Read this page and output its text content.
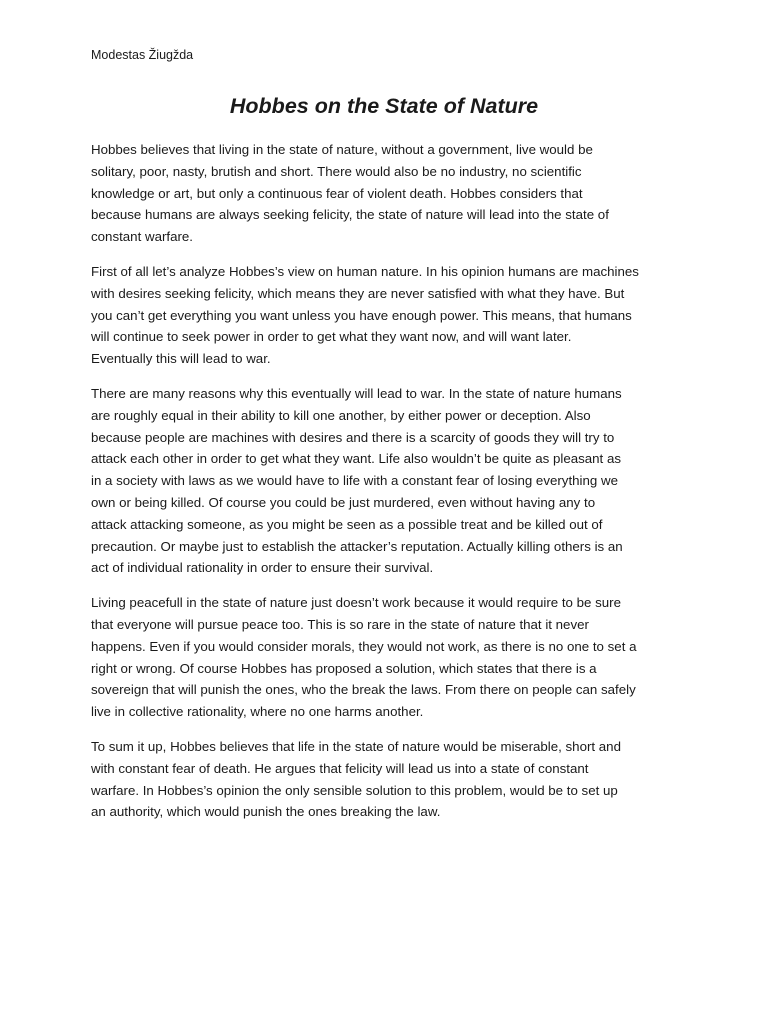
Modestas Žiugžda

Hobbes on the State of Nature

Hobbes believes that living in the state of nature, without a government, live would be
solitary, poor, nasty, brutish and short. There would also be no industry, no scientific
knowledge or art, but only a continuous fear of violent death. Hobbes considers that
because humans are always seeking felicity, the state of nature will lead into the state of
constant warfare.

First of all let’s analyze Hobbes’s view on human nature. In his opinion humans are machines
with desires seeking felicity, which means they are never satisfied with what they have. But
you can’t get everything you want unless you have enough power. This means, that humans
will continue to seek power in order to get what they want now, and will want later.
Eventually this will lead to war.

There are many reasons why this eventually will lead to war. In the state of nature humans
are roughly equal in their ability to kill one another, by either power or deception. Also
because people are machines with desires and there is a scarcity of goods they will try to
attack each other in order to get what they want. Life also wouldn’t be quite as pleasant as
in a society with laws as we would have to life with a constant fear of losing everything we
own or being killed. Of course you could be just murdered, even without having any to
attack attacking someone, as you might be seen as a possible treat and be killed out of
precaution. Or maybe just to establish the attacker’s reputation. Actually killing others is an
act of individual rationality in order to ensure their survival.

Living peacefull in the state of nature just doesn’t work because it would require to be sure
that everyone will pursue peace too. This is so rare in the state of nature that it never
happens. Even if you would consider morals, they would not work, as there is no one to set a
right or wrong. Of course Hobbes has proposed a solution, which states that there is a
sovereign that will punish the ones, who the break the laws. From there on people can safely
live in collective rationality, where no one harms another.

To sum it up, Hobbes believes that life in the state of nature would be miserable, short and
with constant fear of death. He argues that felicity will lead us into a state of constant
warfare. In Hobbes’s opinion the only sensible solution to this problem, would be to set up
an authority, which would punish the ones breaking the law.
